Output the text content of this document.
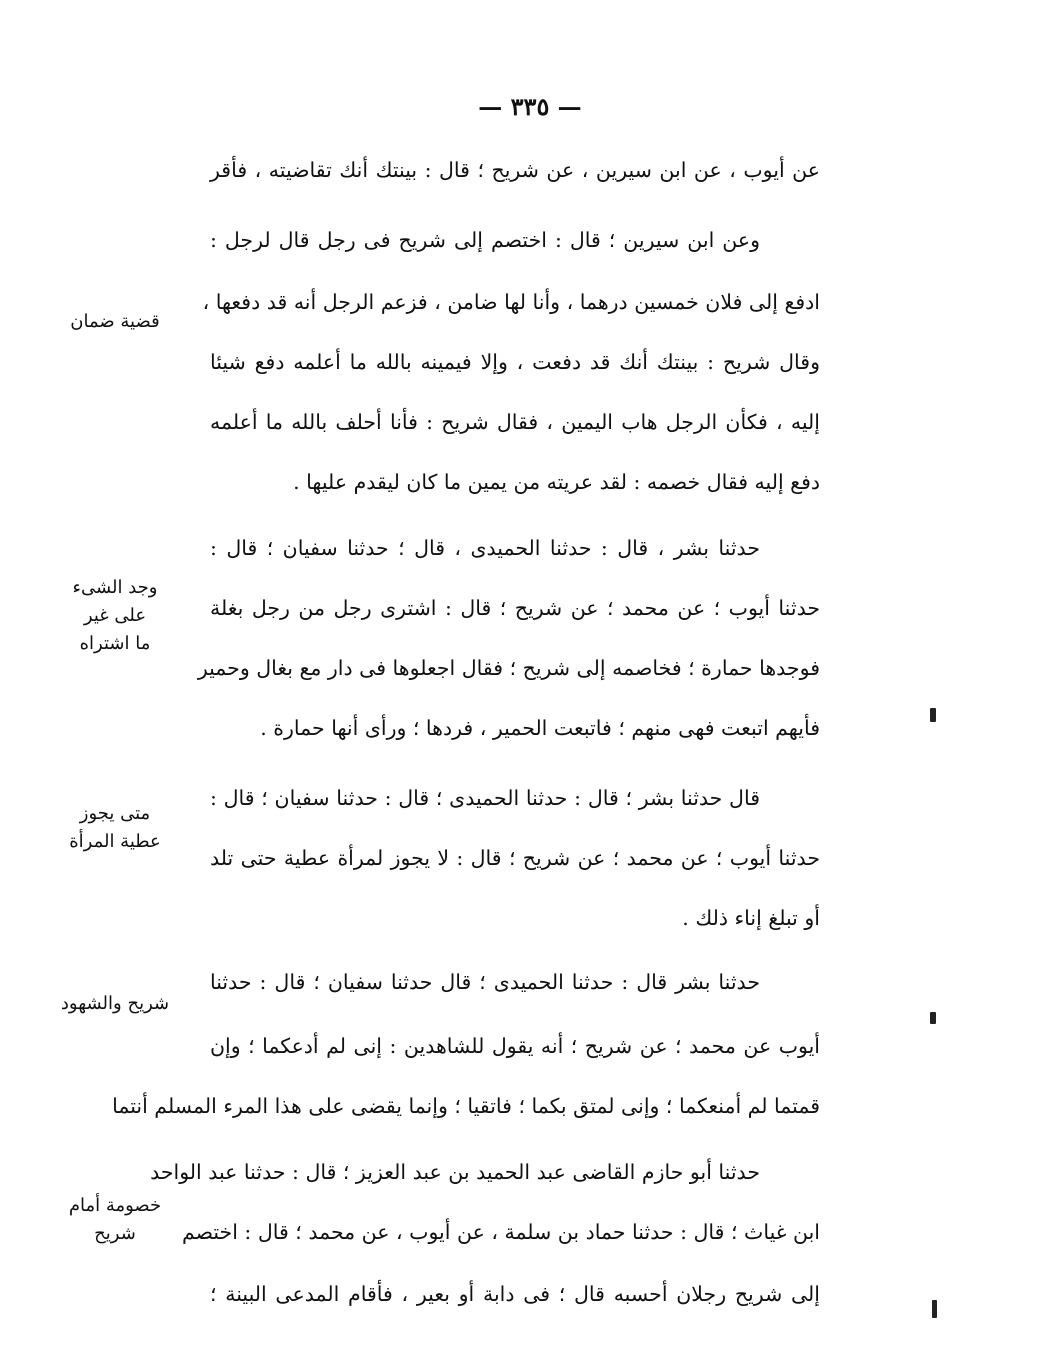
— ٣٣٥ —
عن أيوب ، عن ابن سيرين ، عن شريح ؛ قال : بينتك أنك تقاضيته ، فأقر
وعن ابن سيرين ؛ قال : اختصم إلى شريح فى رجل قال لرجل :
ادفع إلى فلان خمسين درهما ، وأنا لها ضامن ، فزعم الرجل أنه قد دفعها ،
وقال شريح : بينتك أنك قد دفعت ، وإلا فيمينه بالله ما أعلمه دفع شيئا
إليه ، فكأن الرجل هاب اليمين ، فقال شريح : فأنا أحلف بالله ما أعلمه
دفع إليه فقال خصمه : لقد عريته من يمين ما كان ليقدم عليها .
حدثنا بشر ، قال : حدثنا الحميدى ، قال ؛ حدثنا سفيان ؛ قال :
حدثنا أيوب ؛ عن محمد ؛ عن شريح ؛ قال : اشترى رجل من رجل بغلة
فوجدها حمارة ؛ فخاصمه إلى شريح ؛ فقال اجعلوها فى دار مع بغال وحمير
فأيهم اتبعت فهى منهم ؛ فاتبعت الحمير ، فردها ؛ ورأى أنها حمارة .
قال حدثنا بشر ؛ قال : حدثنا الحميدى ؛ قال : حدثنا سفيان ؛ قال :
حدثنا أيوب ؛ عن محمد ؛ عن شريح ؛ قال : لا يجوز لمرأة عطية حتى تلد
أو تبلغ إناء ذلك .
حدثنا بشر قال : حدثنا الحميدى ؛ قال حدثنا سفيان ؛ قال : حدثنا
أيوب عن محمد ؛ عن شريح ؛ أنه يقول للشاهدين : إنى لم أدعكما ؛ وإن
قمتما لم أمنعكما ؛ وإنى لمتق بكما ؛ فاتقيا ؛ وإنما يقضى على هذا المرء المسلم أنتما
حدثنا أبو حازم القاضى عبد الحميد بن عبد العزيز ؛ قال : حدثنا عبد الواحد
ابن غياث ؛ قال : حدثنا حماد بن سلمة ، عن أيوب ، عن محمد ؛ قال : اختصم
إلى شريح رجلان أحسبه قال ؛ فى دابة أو بعير ، فأقام المدعى البينة ؛
قضية ضمان
وجد الشىء
على غير
ما اشتراه
متى يجوز
عطية المرأة
شريح والشهود
خصومة أمام
شريح
